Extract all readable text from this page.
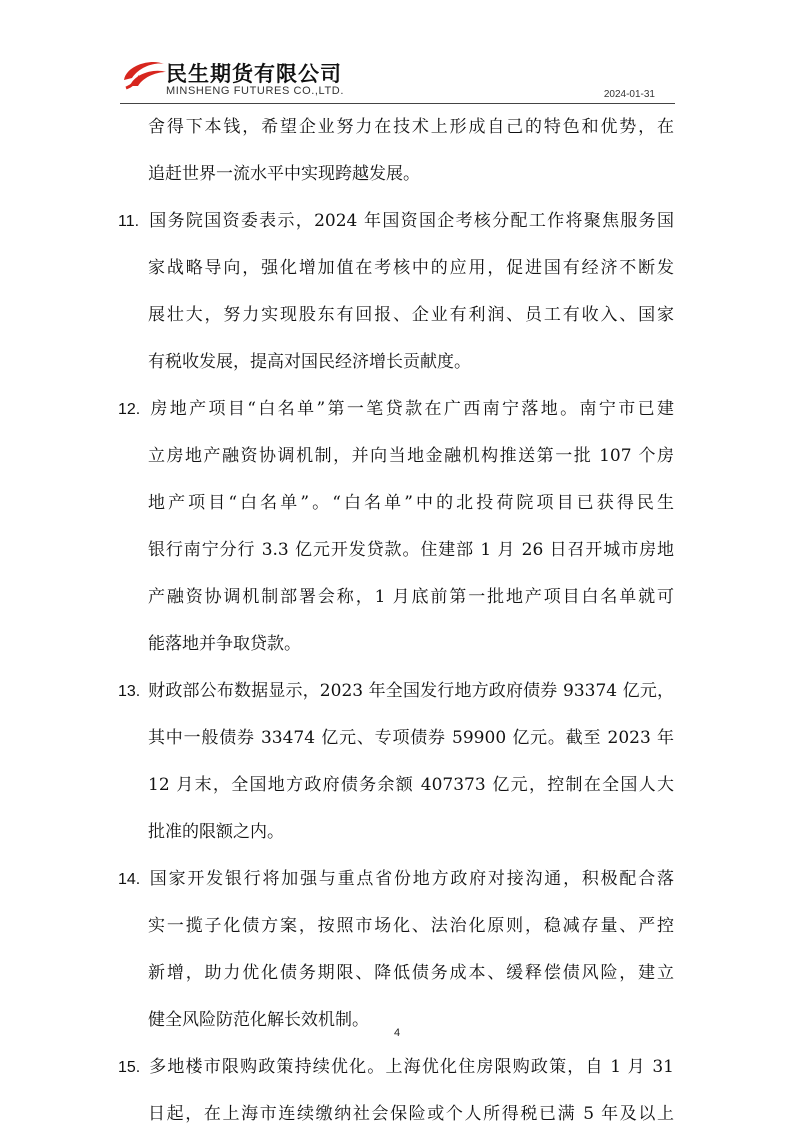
民生期货有限公司
MINSHENG FUTURES CO.,LTD.	2024-01-31
舍得下本钱，希望企业努力在技术上形成自己的特色和优势，在
追赶世界一流水平中实现跨越发展。
11. 国务院国资委表示，2024 年国资国企考核分配工作将聚焦服务国
家战略导向，强化增加值在考核中的应用，促进国有经济不断发
展壮大，努力实现股东有回报、企业有利润、员工有收入、国家
有税收发展，提高对国民经济增长贡献度。
12. 房地产项目“白名单”第一笔贷款在广西南宁落地。南宁市已建
立房地产融资协调机制，并向当地金融机构推送第一批 107 个房
地产项目“白名单”。“白名单”中的北投荷院项目已获得民生
银行南宁分行 3.3 亿元开发贷款。住建部 1 月 26 日召开城市房地
产融资协调机制部署会称，1 月底前第一批地产项目白名单就可
能落地并争取贷款。
13. 财政部公布数据显示，2023 年全国发行地方政府债券 93374 亿元，
其中一般债券 33474 亿元、专项债券 59900 亿元。截至 2023 年
12 月末，全国地方政府债务余额 407373 亿元，控制在全国人大
批准的限额之内。
14. 国家开发银行将加强与重点省份地方政府对接沟通，积极配合落
实一揽子化债方案，按照市场化、法治化原则，稳减存量、严控
新增，助力优化债务期限、降低债务成本、缓释偿债风险，建立
健全风险防范化解长效机制。
15. 多地楼市限购政策持续优化。上海优化住房限购政策，自 1 月 31
日起，在上海市连续缴纳社会保险或个人所得税已满 5 年及以上
4
